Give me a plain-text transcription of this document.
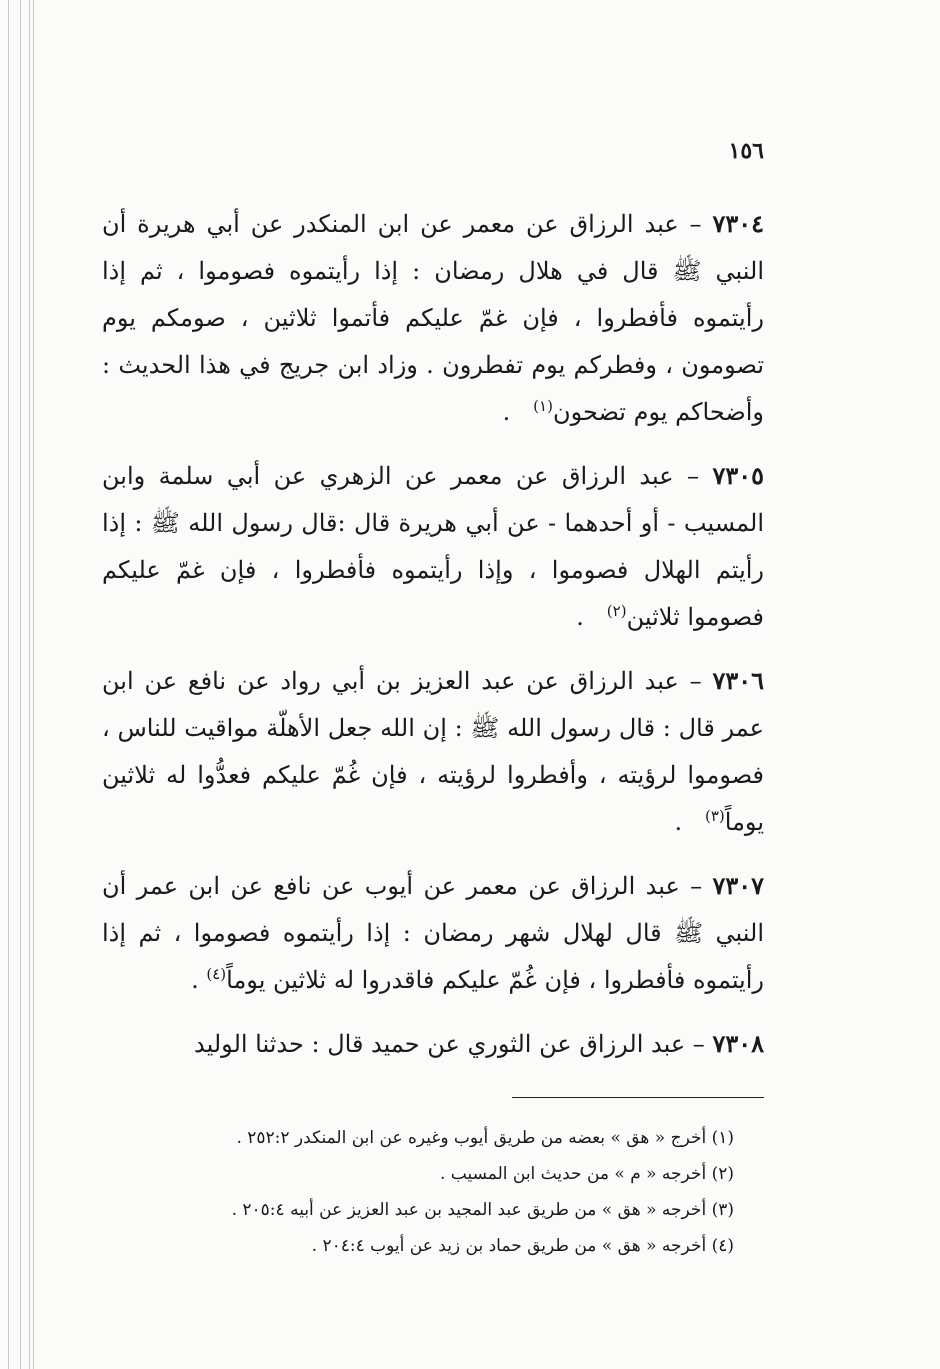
١٥٦

٧٣٠٤ – عبد الرزاق عن معمر عن ابن المنكدر عن أبي هريرة أن النبي ﷺ قال في هلال رمضان : إذا رأيتموه فصوموا ، ثم إذا رأيتموه فأفطروا ، فإن غمّ عليكم فأتموا ثلاثين ، صومكم يوم تصومون ، وفطركم يوم تفطرون . وزاد ابن جريج في هذا الحديث : وأضحاكم يوم تضحون$^{(١)}$   .

٧٣٠٥ – عبد الرزاق عن معمر عن الزهري عن أبي سلمة وابن المسيب - أو أحدهما - عن أبي هريرة قال :قال رسول الله ﷺ : إذا رأيتم الهلال فصوموا ، وإذا رأيتموه فأفطروا ، فإن غمّ عليكم فصوموا ثلاثين$^{(٢)}$   .

٧٣٠٦ – عبد الرزاق عن عبد العزيز بن أبي رواد عن نافع عن ابن عمر قال : قال رسول الله ﷺ : إن الله جعل الأهلّة مواقيت للناس ، فصوموا لرؤيته ، وأفطروا لرؤيته ، فإن غُمّ عليكم فعدُّوا له ثلاثين يوماً$^{(٣)}$   .

٧٣٠٧ – عبد الرزاق عن معمر عن أيوب عن نافع عن ابن عمر أن النبي ﷺ قال لهلال شهر رمضان : إذا رأيتموه فصوموا ، ثم إذا رأيتموه فأفطروا ، فإن غُمّ عليكم فاقدروا له ثلاثين يوماً$^{(٤)}$ .

٧٣٠٨ – عبد الرزاق عن الثوري عن حميد قال : حدثنا الوليد

(١) أخرج « هق » بعضه من طريق أيوب وغيره عن ابن المنكدر ٢٥٢:٢ .
(٢) أخرجه « م » من حديث ابن المسيب .
(٣) أخرجه « هق » من طريق عبد المجيد بن عبد العزيز عن أبيه ٢٠٥:٤ .
(٤) أخرجه « هق » من طريق حماد بن زيد عن أيوب ٢٠٤:٤ .
